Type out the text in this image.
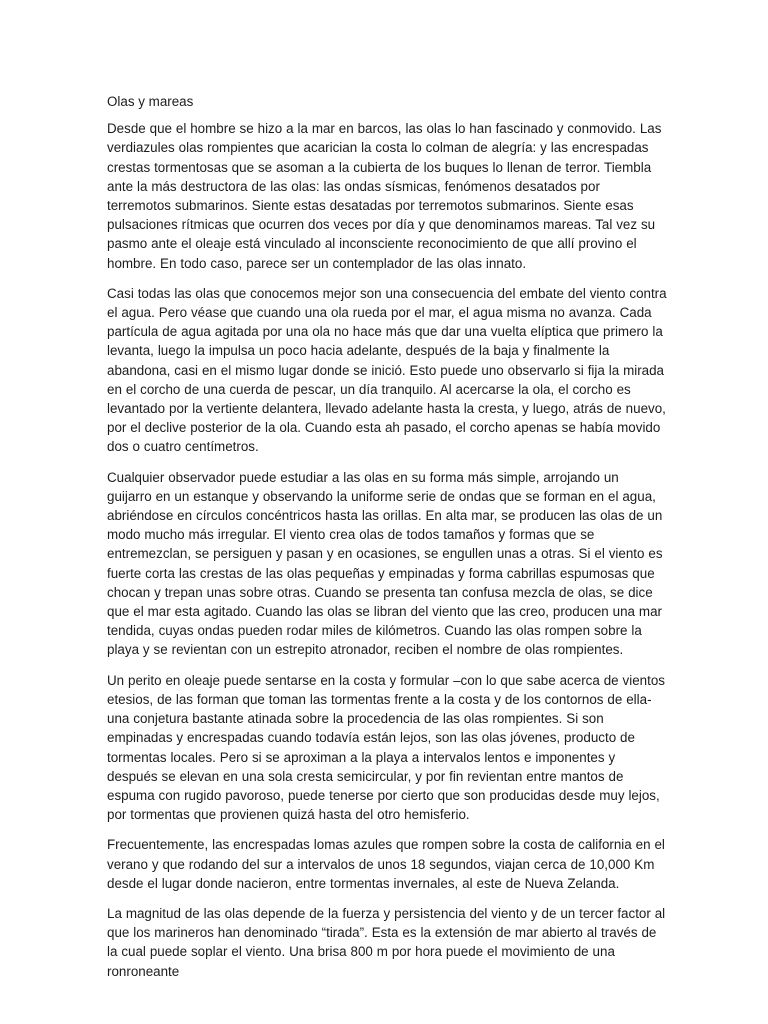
Olas y mareas

Desde que el hombre se hizo a la mar en barcos, las olas lo han fascinado y conmovido. Las verdiazules olas rompientes que acarician la costa lo colman de alegría: y las encrespadas crestas tormentosas que se asoman a la cubierta de los buques lo llenan de terror. Tiembla ante la más destructora de las olas: las ondas sísmicas, fenómenos desatados por terremotos submarinos. Siente estas desatadas por terremotos submarinos. Siente esas pulsaciones rítmicas que ocurren dos veces por día y que denominamos mareas. Tal vez su pasmo ante el oleaje está vinculado al inconsciente reconocimiento de que allí provino el hombre. En todo caso, parece ser un contemplador de las olas innato.

Casi todas las olas que conocemos mejor son una consecuencia del embate del viento contra el agua. Pero véase que cuando una ola rueda por el mar, el agua misma no avanza. Cada partícula de agua agitada por una ola no hace más que dar una vuelta elíptica que primero la levanta, luego la impulsa un poco hacia adelante, después de la baja y finalmente la abandona, casi en el mismo lugar donde se inició. Esto puede uno observarlo si fija la mirada en el corcho de una cuerda de pescar, un día tranquilo. Al acercarse la ola, el corcho es levantado por la vertiente delantera, llevado adelante hasta la cresta, y luego, atrás de nuevo, por el declive posterior de la ola. Cuando esta ah pasado, el corcho apenas se había movido dos o cuatro centímetros.

Cualquier observador puede estudiar a las olas en su forma más simple, arrojando un guijarro en un estanque y observando la uniforme serie de ondas que se forman en el agua, abriéndose en círculos concéntricos hasta las orillas. En alta mar, se producen las olas de un modo mucho más irregular. El viento crea olas de todos tamaños y formas que se entremezclan, se persiguen y pasan y en ocasiones, se engullen unas a otras. Si el viento es fuerte corta las crestas de las olas pequeñas y empinadas y forma cabrillas espumosas que chocan y trepan unas sobre otras. Cuando se presenta tan confusa mezcla de olas, se dice que el mar esta agitado. Cuando las olas se libran del viento que las creo, producen una mar tendida, cuyas ondas pueden rodar miles de kilómetros. Cuando las olas rompen sobre la playa y se revientan con un estrepito atronador, reciben el nombre de olas rompientes.

Un perito en oleaje puede sentarse en la costa y formular –con lo que sabe acerca de vientos etesios, de las forman que toman las tormentas frente a la costa y de los contornos de ella- una conjetura bastante atinada sobre la procedencia de las olas rompientes. Si son empinadas y encrespadas cuando todavía están lejos, son las olas jóvenes, producto de tormentas locales. Pero si se aproximan a la playa a intervalos lentos e imponentes y después se elevan en una sola cresta semicircular, y por fin revientan entre mantos de espuma con rugido pavoroso, puede tenerse por cierto que son producidas desde muy lejos, por tormentas que provienen quizá hasta del otro hemisferio.

Frecuentemente, las encrespadas lomas azules que rompen sobre la costa de california en el verano y que rodando del sur a intervalos de unos 18 segundos, viajan cerca de 10,000 Km desde el lugar donde nacieron, entre tormentas invernales, al este de Nueva Zelanda.

La magnitud de las olas depende de la fuerza y persistencia del viento y de un tercer factor al que los marineros han denominado “tirada”. Esta es la extensión de mar abierto al través de la cual puede soplar el viento. Una brisa 800 m por hora puede el movimiento de una ronroneante
